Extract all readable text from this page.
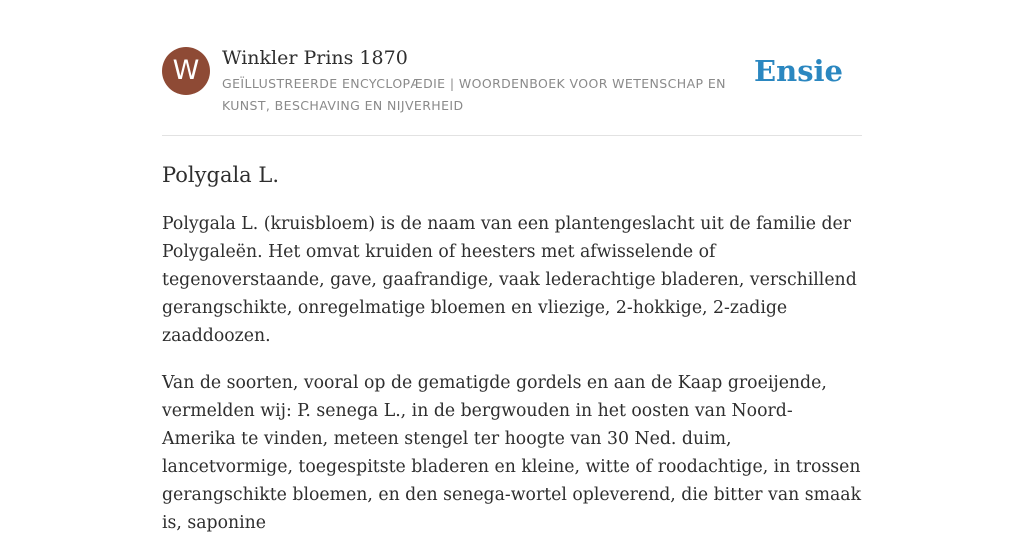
W	Winkler Prins 1870
GEÏLLUSTREERDE ENCYCLOPÆDIE | WOORDENBOEK VOOR WETENSCHAP EN KUNST, BESCHAVING EN NIJVERHEID
Ensie
Polygala L.

Polygala L. (kruisbloem) is de naam van een plantengeslacht uit de familie der Polygaleën. Het omvat kruiden of heesters met afwisselende of tegenoverstaande, gave, gaafrandige, vaak lederachtige bladeren, verschillend gerangschikte, onregelmatige bloemen en vliezige, 2-hokkige, 2-zadige zaaddoozen.

Van de soorten, vooral op de gematigde gordels en aan de Kaap groeijende, vermelden wij: P. senega L., in de bergwouden in het oosten van Noord-Amerika te vinden, meteen stengel ter hoogte van 30 Ned. duim, lancetvormige, toegespitste bladeren en kleine, witte of roodachtige, in trossen gerangschikte bloemen, en den senega-wortel opleverend, die bitter van smaak is, saponine
